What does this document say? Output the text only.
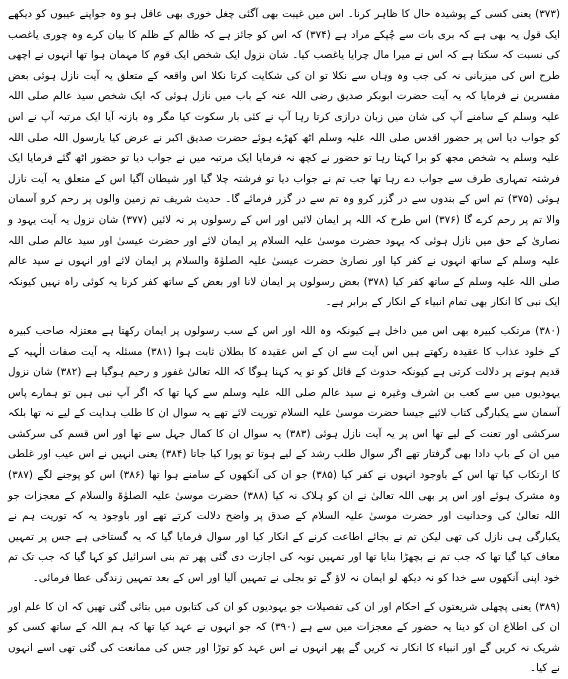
(۳۷۳) یعنی کسی کے پوشیدہ حال کا ظاہر کرنا۔ اس میں غیبت بھی آگئی چغل خوری بھی عاقل ہو وہ جواپنے عیبوں کو دیکھے ایک قول یہ بھی ہے کہ بری بات سے چُپکے مراد ہے (۳۷۴) کہ اس کو جائز ہے کہ ظالم کے ظلم کا بیان کرے وہ چوری یاغصب کی نسبت کہ سکتا ہے کہ اس نے میرا مال چرایا یاغصب کیا۔ شان نزول ایک شخص ایک قوم کا مہمان ہوا تھا انہوں نے اچھی طرح اس کی میزبانی نہ کی جب وہ وہاں سے نکلا تو ان کی شکایت کرتا نکلا اس واقعہ کے متعلق یہ آیت نازل ہوئی بعض مفسرین نے فرمایا کہ یہ آیت حضرت ابوبکر صدیق رضی اللہ عنہ کے باب میں نازل ہوئی کہ ایک شخص سید عالم صلی اللہ علیہ وسلم کے سامنے آپ کی شان میں زبان درازی کرتا رہا آپ نے کئی بار سکوت کیا مگر وہ بازنہ آیا ایک مرتبہ آپ نے اس کو جواب دیا اس پر حضور اقدس صلی اللہ علیہ وسلم اٹھ کھڑے ہوئے حضرت صدیق اکبر نے عرض کیا یارسول اللہ صلی اللہ علیہ وسلم یہ شخص مجھ کو برا کہتا رہا تو حضور نے کچھ نہ فرمایا ایک مرتبہ میں نے جواب دیا تو حضور اٹھ گئے فرمایا ایک فرشتہ تمہاری طرف سے جواب دے رہا تھا جب تم نے جواب دیا تو فرشتہ چلا گیا اور شیطان آگیا اس کے متعلق یہ آیت نازل ہوئی (۳۷۵) تم اس کے بندوں سے در گزر کرو وہ تم سے در گزر فرمائے گا۔ حدیث شریف تم زمین والوں پر رحم کرو آسمان والا تم پر رحم کرے گا (۳۷۶) اس طرح کہ اللہ پر ایمان لائیں اور اس کے رسولوں پر نہ لائیں (۳۷۷) شان نزول یہ آیت یہود و نصاریٰ کے حق میں نازل ہوئی کہ یہود حضرت موسیٰ علیہ السلام پر ایمان لائے اور حضرت عیسیٰ اور سید عالم صلی اللہ علیہ وسلم کے ساتھ انہوں نے کفر کیا اور نصاریٰ حضرت عیسیٰ علیہ الصلوٰۃ والسلام پر ایمان لائے اور انہوں نے سید عالم صلی اللہ علیہ وسلم کے ساتھ کفر کیا (۳۷۸) بعض رسولوں پر ایمان لانا اور بعض کے ساتھ کفر کرنا یہ کوئی راہ نہیں کیونکہ ایک نبی کا انکار بھی تمام انبیاء کے انکار کے برابر ہے۔

(۳۸۰) مرتکب کبیرہ بھی اس میں داخل ہے کیونکہ وہ اللہ اور اس کے سب رسولوں پر ایمان رکھتا ہے معتزلہ صاحب کبیرہ کے خلود عذاب کا عقیدہ رکھتے ہیں اس آیت سے ان کے اس عقیدہ کا بطلان ثابت ہوا (۳۸۱) مسئلہ یہ آیت صفات الٰہیہ کے قدیم ہونے پر دلالت کرتی ہے کیونکہ حدوث کے قائل کو تو یہ کہنا ہوگا کہ اللہ تعالیٰ غفور و رحیم ہوگیا ہے (۳۸۲) شان نزول یہودیوں میں سے کعب بن اشرف وغیرہ نے سید عالم صلی اللہ علیہ وسلم سے کہا تھا کہ اگر آپ نبی ہیں تو ہمارے پاس آسمان سے یکبارگی کتاب لائیے جیسا حضرت موسیٰ علیہ السلام توریت لائے تھے یہ سوال ان کا طلب ہدایت کے لیے نہ تھا بلکہ سرکشی اور تعنت کے لیے تھا اس پر یہ آیت نازل ہوئی (۳۸۳) یہ سوال ان کا کمال جہل سے تھا اور اس قسم کی سرکشی میں ان کے باپ دادا بھی گرفتار تھے اگر سوال طلب رشد کے لیے ہوتا تو پورا کیا جاتا (۳۸۴) یعنی انہیں نے اس عیب اور غلطی کا ارتکاب کیا تھا اس کے باوجود انہوں نے کفر کیا (۳۸۵) جو ان کی آنکھوں کے سامنے ہوا تھا (۳۸۶) اس کو پوجنے لگے (۳۸۷) وہ مشرک ہوئے اور اس پر بھی اللہ تعالیٰ نے ان کو ہلاک نہ کیا (۳۸۸) حضرت موسیٰ علیہ الصلوٰۃ والسلام کے معجزات جو اللہ تعالیٰ کی وحدانیت اور حضرت موسیٰ علیہ السلام کے صدق پر واضح دلالت کرتے تھے اور باوجود یہ کہ توریت ہم نے یکبارگی ہی نازل کی تھی لیکن تم نے بجائے اطاعت کرنے کے انکار کیا اور سوال فرمایا گیا کہ یہ گستاخی ہے جس پر تمہیں معاف کیا گیا تھا کہ جب تم نے بچھڑا بنایا تھا اور تمہیں توبہ کی اجازت دی گئی پھر تم بنی اسرائیل کو کہا گیا کہ جب تک تم خود اپنی آنکھوں سے خدا کو نہ دیکھ لو ایمان نہ لاؤ گے تو بجلی نے تمہیں آلیا اور اس کے بعد تمہیں زندگی عطا فرمائی۔

(۳۸۹) یعنی پچھلی شریعتوں کے احکام اور ان کی تفصیلات جو یہودیوں کو ان کی کتابوں میں بتائی گئی تھیں کہ ان کا علم اور ان کی اطلاع ان کو دینا یہ حضور کے معجزات میں سے ہے (۳۹۰) کہ جو انہوں نے عہد کیا تھا کہ ہم اللہ کے ساتھ کسی کو شریک نہ کریں گے اور انبیاء کا انکار نہ کریں گے پھر انہوں نے اس عہد کو توڑا اور جس کی ممانعت کی گئی تھی اسے انہوں نے کیا۔
